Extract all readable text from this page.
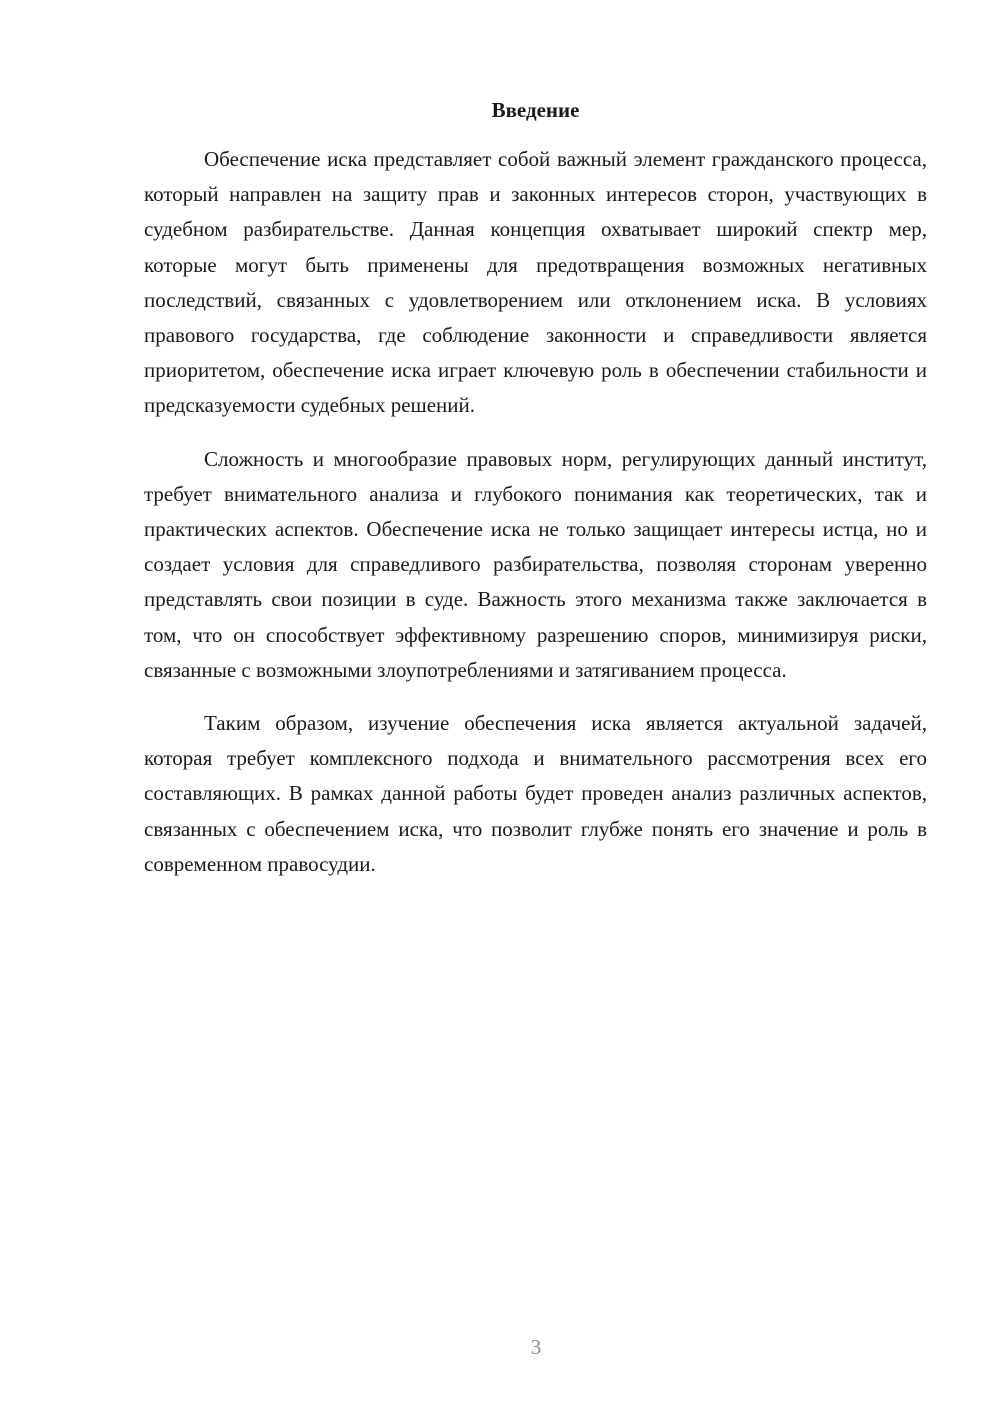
Введение

Обеспечение иска представляет собой важный элемент гражданского процесса, который направлен на защиту прав и законных интересов сторон, участвующих в судебном разбирательстве. Данная концепция охватывает широкий спектр мер, которые могут быть применены для предотвращения возможных негативных последствий, связанных с удовлетворением или отклонением иска. В условиях правового государства, где соблюдение законности и справедливости является приоритетом, обеспечение иска играет ключевую роль в обеспечении стабильности и предсказуемости судебных решений.

Сложность и многообразие правовых норм, регулирующих данный институт, требует внимательного анализа и глубокого понимания как теоретических, так и практических аспектов. Обеспечение иска не только защищает интересы истца, но и создает условия для справедливого разбирательства, позволяя сторонам уверенно представлять свои позиции в суде. Важность этого механизма также заключается в том, что он способствует эффективному разрешению споров, минимизируя риски, связанные с возможными злоупотреблениями и затягиванием процесса.

Таким образом, изучение обеспечения иска является актуальной задачей, которая требует комплексного подхода и внимательного рассмотрения всех его составляющих. В рамках данной работы будет проведен анализ различных аспектов, связанных с обеспечением иска, что позволит глубже понять его значение и роль в современном правосудии.

3
